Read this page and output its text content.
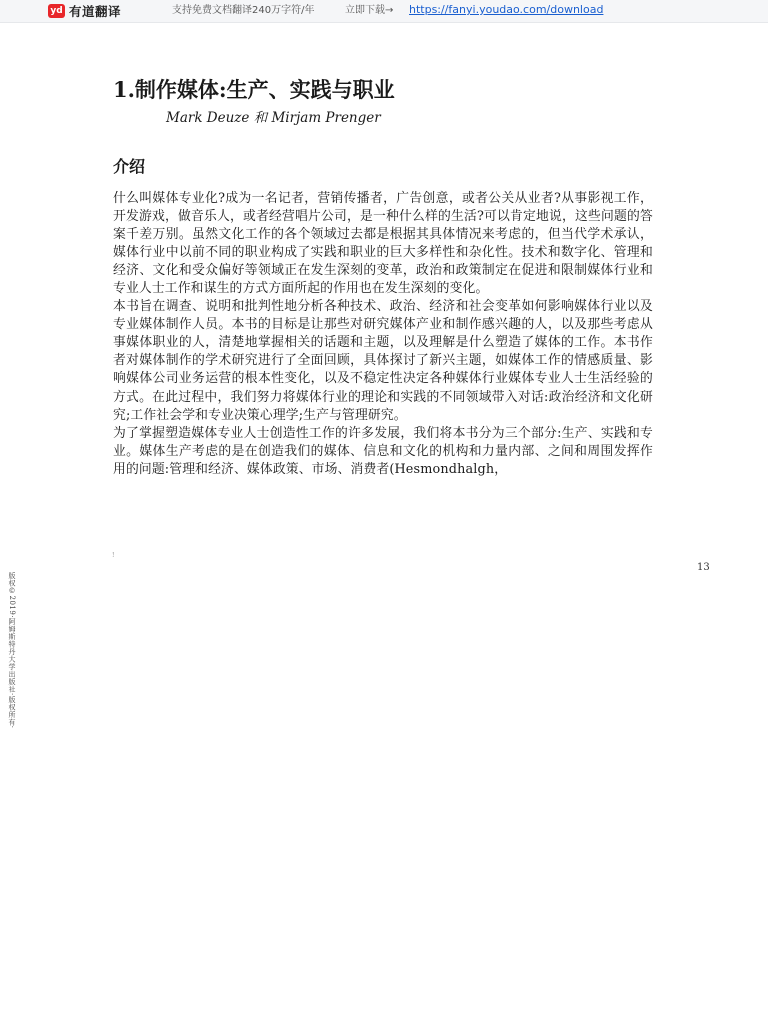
yd 有道翻译	支持免费文档翻译240万字符/年	立即下载→ https://fanyi.youdao.com/download
1.制作媒体:生产、实践与职业
Mark Deuze 和 Mirjam Prenger
介绍

什么叫媒体专业化?成为一名记者，营销传播者，广告创意，或者公关从业者?从事影视工作，开发游戏，做音乐人，或者经营唱片公司，是一种什么样的生活?可以肯定地说，这些问题的答案千差万别。虽然文化工作的各个领域过去都是根据其具体情况来考虑的，但当代学术承认，媒体行业中以前不同的职业构成了实践和职业的巨大多样性和杂化性。技术和数字化、管理和经济、文化和受众偏好等领域正在发生深刻的变革，政治和政策制定在促进和限制媒体行业和专业人士工作和谋生的方式方面所起的作用也在发生深刻的变化。

本书旨在调查、说明和批判性地分析各种技术、政治、经济和社会变革如何影响媒体行业以及专业媒体制作人员。本书的目标是让那些对研究媒体产业和制作感兴趣的人，以及那些考虑从事媒体职业的人，清楚地掌握相关的话题和主题，以及理解是什么塑造了媒体的工作。本书作者对媒体制作的学术研究进行了全面回顾，具体探讨了新兴主题，如媒体工作的情感质量、影响媒体公司业务运营的根本性变化，以及不稳定性决定各种媒体行业媒体专业人士生活经验的方式。在此过程中，我们努力将媒体行业的理论和实践的不同领域带入对话:政治经济和文化研究;工作社会学和专业决策心理学;生产与管理研究。

为了掌握塑造媒体专业人士创造性工作的许多发展，我们将本书分为三个部分:生产、实践和专业。媒体生产考虑的是在创造我们的媒体、信息和文化的机构和力量内部、之间和周围发挥作用的问题:管理和经济、媒体政策、市场、消费者(Hesmondhalgh，

!
13
版权©2019·阿姆斯特丹大学出版社·版权所有·
